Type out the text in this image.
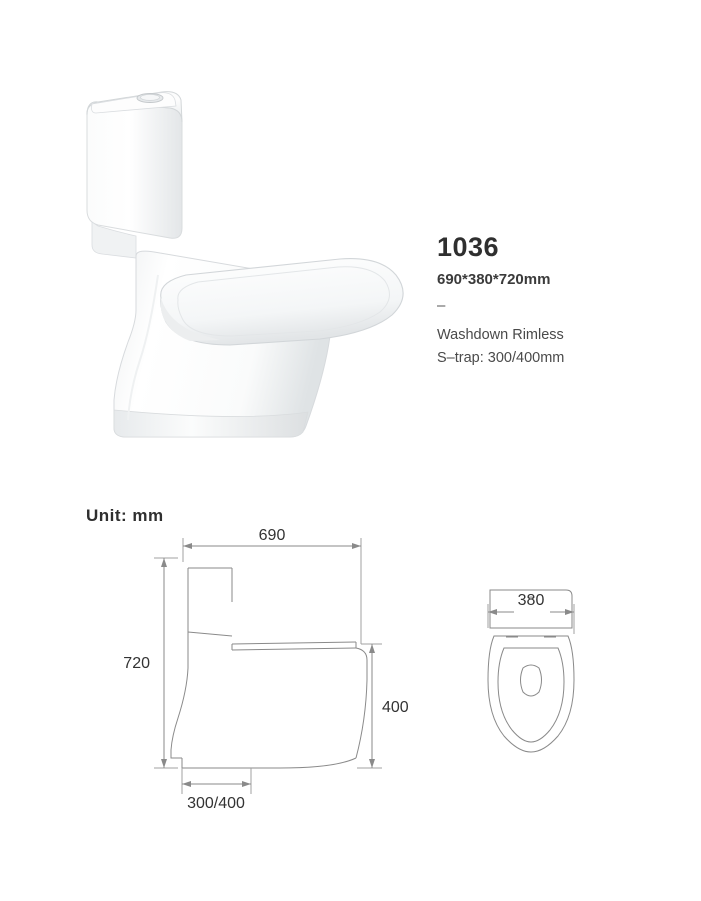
1036
690*380*720mm
–
Washdown Rimless
S–trap: 300/400mm
Unit: mm
690
720
400
300/400
380
